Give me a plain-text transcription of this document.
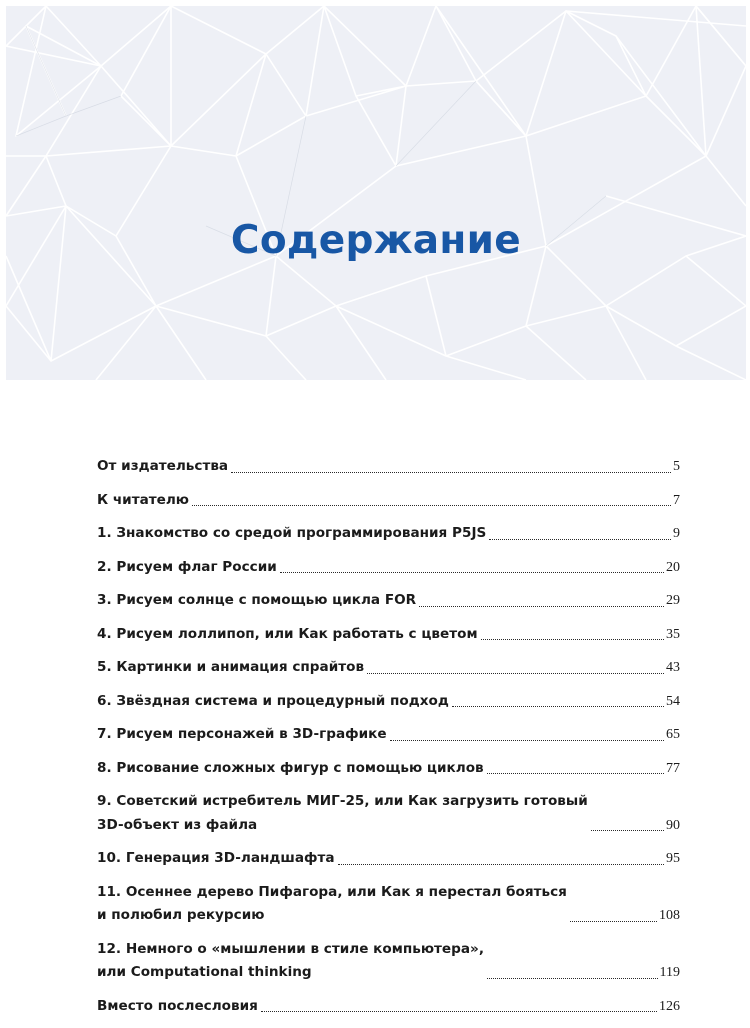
Содержание
От издательства	5
К читателю	7
1. Знакомство со средой программирования P5JS	9
2. Рисуем флаг России	20
3. Рисуем солнце с помощью цикла FOR	29
4. Рисуем лоллипоп, или Как работать с цветом	35
5. Картинки и анимация спрайтов	43
6. Звёздная система и процедурный подход	54
7. Рисуем персонажей в 3D-графике	65
8. Рисование сложных фигур с помощью циклов	77
9. Советский истребитель МИГ-25, или Как загрузить готовый
3D-объект из файла	90
10. Генерация 3D-ландшафта	95
11. Осеннее дерево Пифагора, или Как я перестал бояться
и полюбил рекурсию	108
12. Немного о «мышлении в стиле компьютера»,
или Computational thinking	119
Вместо послесловия	126
